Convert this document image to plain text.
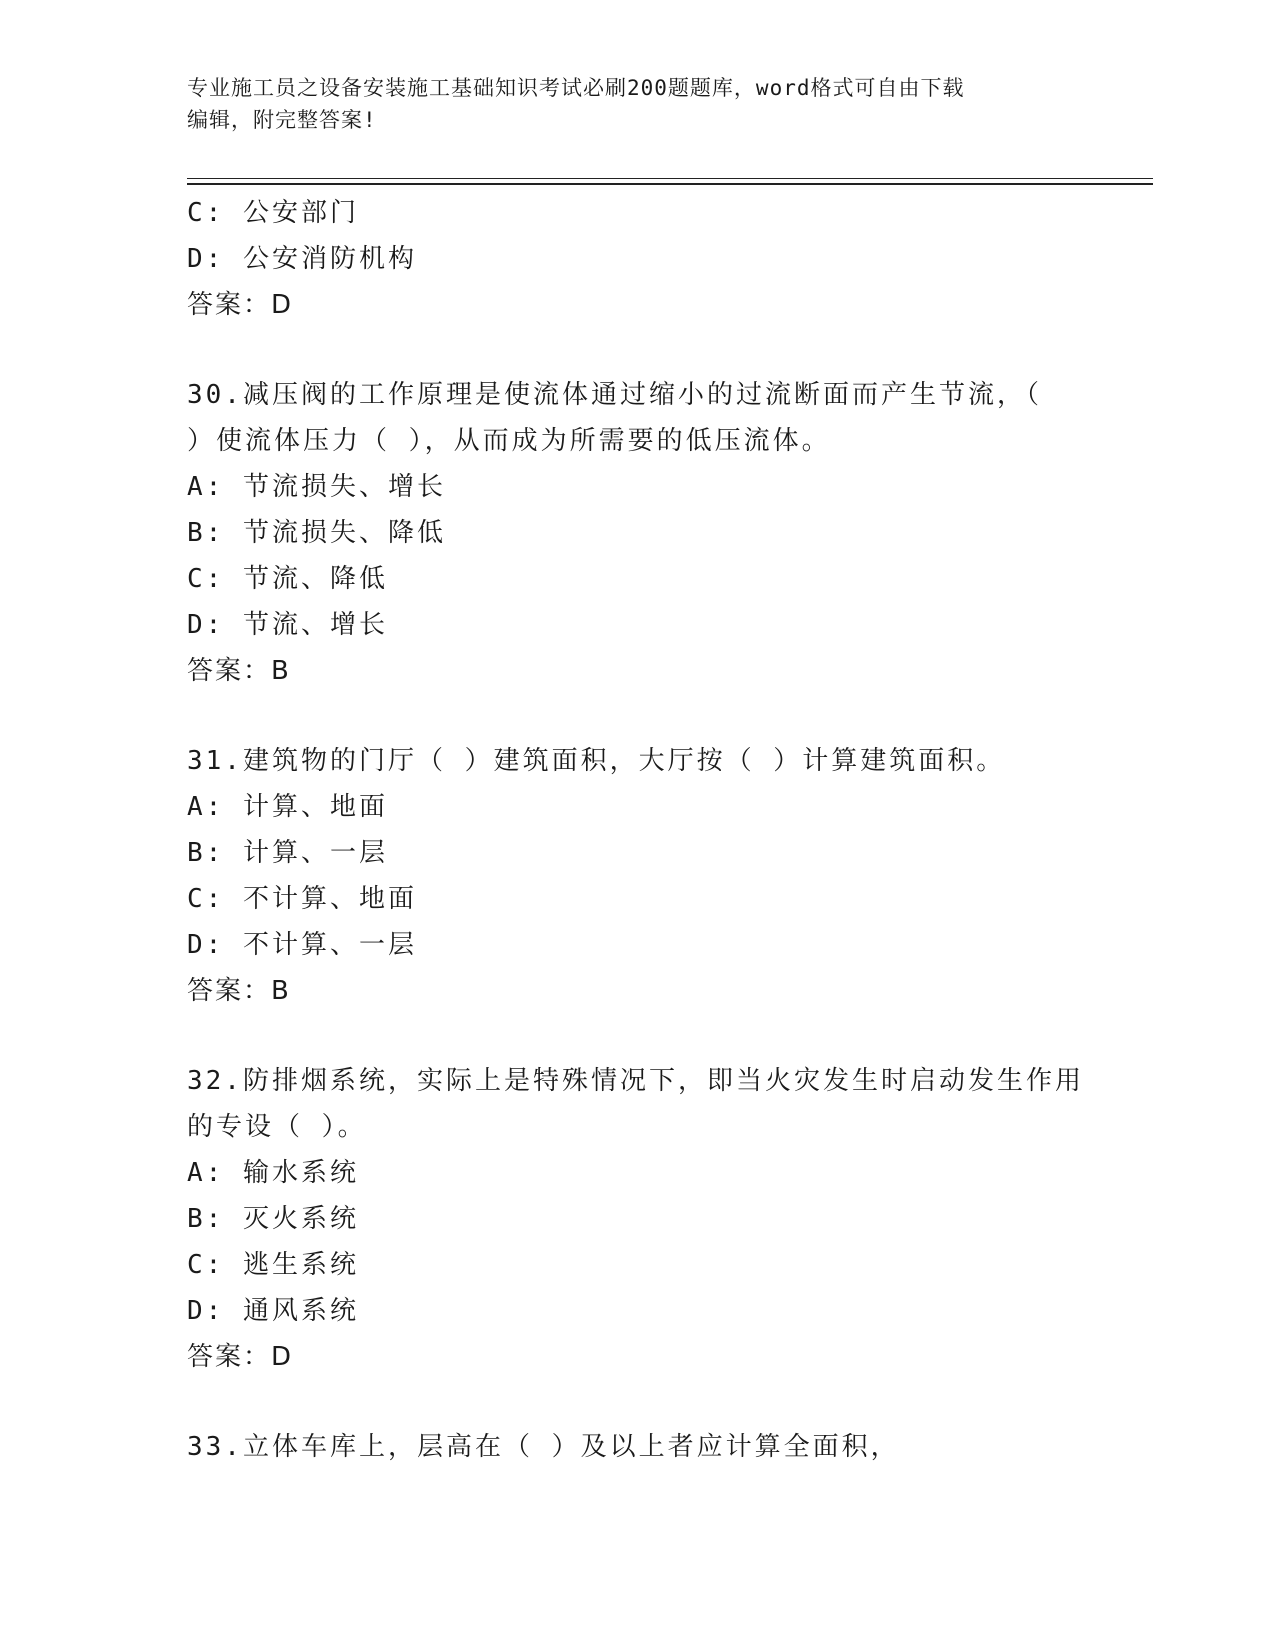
专业施工员之设备安装施工基础知识考试必刷200题题库，word格式可自由下载
编辑，附完整答案!
C: 公安部门
D: 公安消防机构
答案：D
30.减压阀的工作原理是使流体通过缩小的过流断面而产生节流，（
）使流体压力（ ），从而成为所需要的低压流体。
A: 节流损失、增长
B: 节流损失、降低
C: 节流、降低
D: 节流、增长
答案：B
31.建筑物的门厅（ ）建筑面积，大厅按（ ）计算建筑面积。
A: 计算、地面
B: 计算、一层
C: 不计算、地面
D: 不计算、一层
答案：B
32.防排烟系统，实际上是特殊情况下，即当火灾发生时启动发生作用
的专设（ ）。
A: 输水系统
B: 灭火系统
C: 逃生系统
D: 通风系统
答案：D
33.立体车库上，层高在（ ）及以上者应计算全面积，
